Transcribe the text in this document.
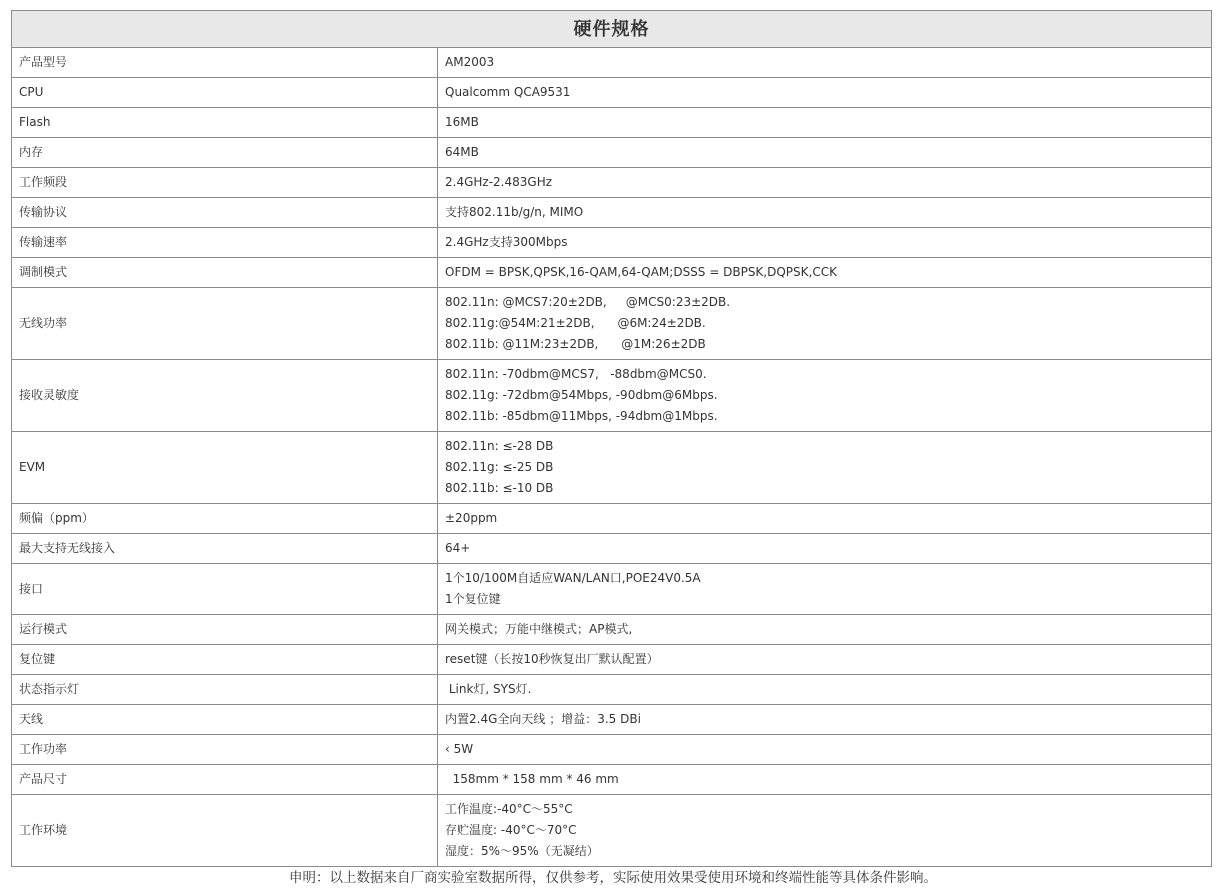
硬件规格	
产品型号	AM2003

CPU	Qualcomm QCA9531

Flash	16MB

内存	64MB

工作频段	2.4GHz-2.483GHz

传输协议	支持802.11b/g/n, MIMO

传输速率	2.4GHz支持300Mbps

调制模式	OFDM = BPSK,QPSK,16-QAM,64-QAM;DSSS = DBPSK,DQPSK,CCK

无线功率	802.11n: @MCS7:20±2DB,     @MCS0:23±2DB.
802.11g:@54M:21±2DB,      @6M:24±2DB.
802.11b: @11M:23±2DB,      @1M:26±2DB

接收灵敏度	802.11n: -70dbm@MCS7,   -88dbm@MCS0.
802.11g: -72dbm@54Mbps, -90dbm@6Mbps.
802.11b: -85dbm@11Mbps, -94dbm@1Mbps.

EVM	802.11n: ≤-28 DB
802.11g: ≤-25 DB
802.11b: ≤-10 DB

频偏（ppm）	±20ppm

最大支持无线接入	64+

接口	1个10/100M自适应WAN/LAN口,POE24V0.5A
1个复位键

运行模式	网关模式；万能中继模式；AP模式,

复位键	reset键（长按10秒恢复出厂默认配置）

状态指示灯	Link灯, SYS灯.

天线	内置2.4G全向天线 ；增益：3.5 DBi

工作功率	‹ 5W

产品尺寸	158mm * 158 mm * 46 mm

工作环境	工作温度:-40°C～55°C
存贮温度: -40°C～70°C
湿度：5%～95%（无凝结）
申明：以上数据来自厂商实验室数据所得，仅供参考，实际使用效果受使用环境和终端性能等具体条件影响。
